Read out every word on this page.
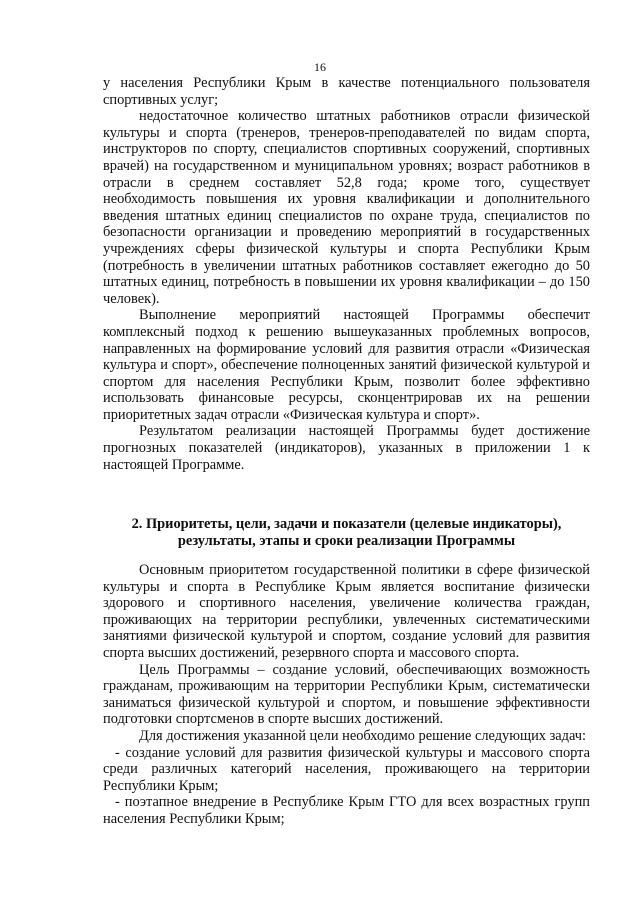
16

у населения Республики Крым в качестве потенциального пользователя спортивных услуг;

недостаточное количество штатных работников отрасли физической культуры и спорта (тренеров, тренеров-преподавателей по видам спорта, инструкторов по спорту, специалистов спортивных сооружений, спортивных врачей) на государственном и муниципальном уровнях; возраст работников в отрасли в среднем составляет 52,8 года; кроме того, существует необходимость повышения их уровня квалификации и дополнительного введения штатных единиц специалистов по охране труда, специалистов по безопасности организации и проведению мероприятий в государственных учреждениях сферы физической культуры и спорта Республики Крым (потребность в увеличении штатных работников составляет ежегодно до 50 штатных единиц, потребность в повышении их уровня квалификации – до 150 человек).

Выполнение мероприятий настоящей Программы обеспечит комплексный подход к решению вышеуказанных проблемных вопросов, направленных на формирование условий для развития отрасли «Физическая культура и спорт», обеспечение полноценных занятий физической культурой и спортом для населения Республики Крым, позволит более эффективно использовать финансовые ресурсы, сконцентрировав их на решении приоритетных задач отрасли «Физическая культура и спорт».

Результатом реализации настоящей Программы будет достижение прогнозных показателей (индикаторов), указанных в приложении 1 к настоящей Программе.

2. Приоритеты, цели, задачи и показатели (целевые индикаторы),
результаты, этапы и сроки реализации Программы

Основным приоритетом государственной политики в сфере физической культуры и спорта в Республике Крым является воспитание физически здорового и спортивного населения, увеличение количества граждан, проживающих на территории республики, увлеченных систематическими занятиями физической культурой и спортом, создание условий для развития спорта высших достижений, резервного спорта и массового спорта.

Цель Программы – создание условий, обеспечивающих возможность гражданам, проживающим на территории Республики Крым, систематически заниматься физической культурой и спортом, и повышение эффективности подготовки спортсменов в спорте высших достижений.

Для достижения указанной цели необходимо решение следующих задач:

- создание условий для развития физической культуры и массового спорта среди различных категорий населения, проживающего на территории Республики Крым;

- поэтапное внедрение в Республике Крым ГТО для всех возрастных групп населения Республики Крым;
